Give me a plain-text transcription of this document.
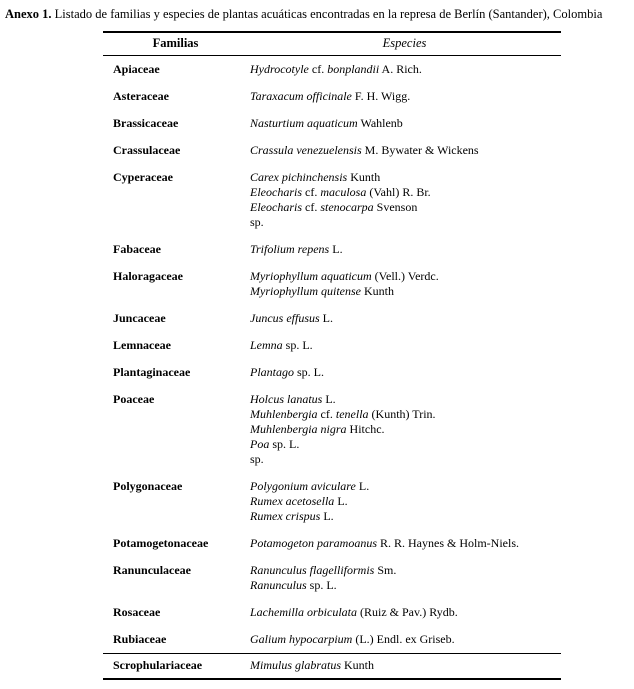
Anexo 1. Listado de familias y especies de plantas acuáticas encontradas en la represa de Berlín (Santander), Colombia
Familias	Especies
Apiaceae	Hydrocotyle cf. bonplandii A. Rich.
Asteraceae	Taraxacum officinale F. H. Wigg.
Brassicaceae	Nasturtium aquaticum Wahlenb
Crassulaceae	Crassula venezuelensis M. Bywater & Wickens
Cyperaceae	Carex pichinchensis Kunth
Eleocharis cf. maculosa (Vahl) R. Br.
Eleocharis cf. stenocarpa Svenson
sp.
Fabaceae	Trifolium repens L.
Haloragaceae	Myriophyllum aquaticum (Vell.) Verdc.
Myriophyllum quitense Kunth
Juncaceae	Juncus effusus L.
Lemnaceae	Lemna sp. L.
Plantaginaceae	Plantago sp. L.
Poaceae	Holcus lanatus L.
Muhlenbergia cf. tenella (Kunth) Trin.
Muhlenbergia nigra Hitchc.
Poa sp. L.
sp.
Polygonaceae	Polygonium aviculare L.
Rumex acetosella L.
Rumex crispus L.
Potamogetonaceae	Potamogeton paramoanus R. R. Haynes & Holm-Niels.
Ranunculaceae	Ranunculus flagelliformis Sm.
Ranunculus sp. L.
Rosaceae	Lachemilla orbiculata (Ruiz & Pav.) Rydb.
Rubiaceae	Galium hypocarpium (L.) Endl. ex Griseb.
Scrophulariaceae	Mimulus glabratus Kunth
